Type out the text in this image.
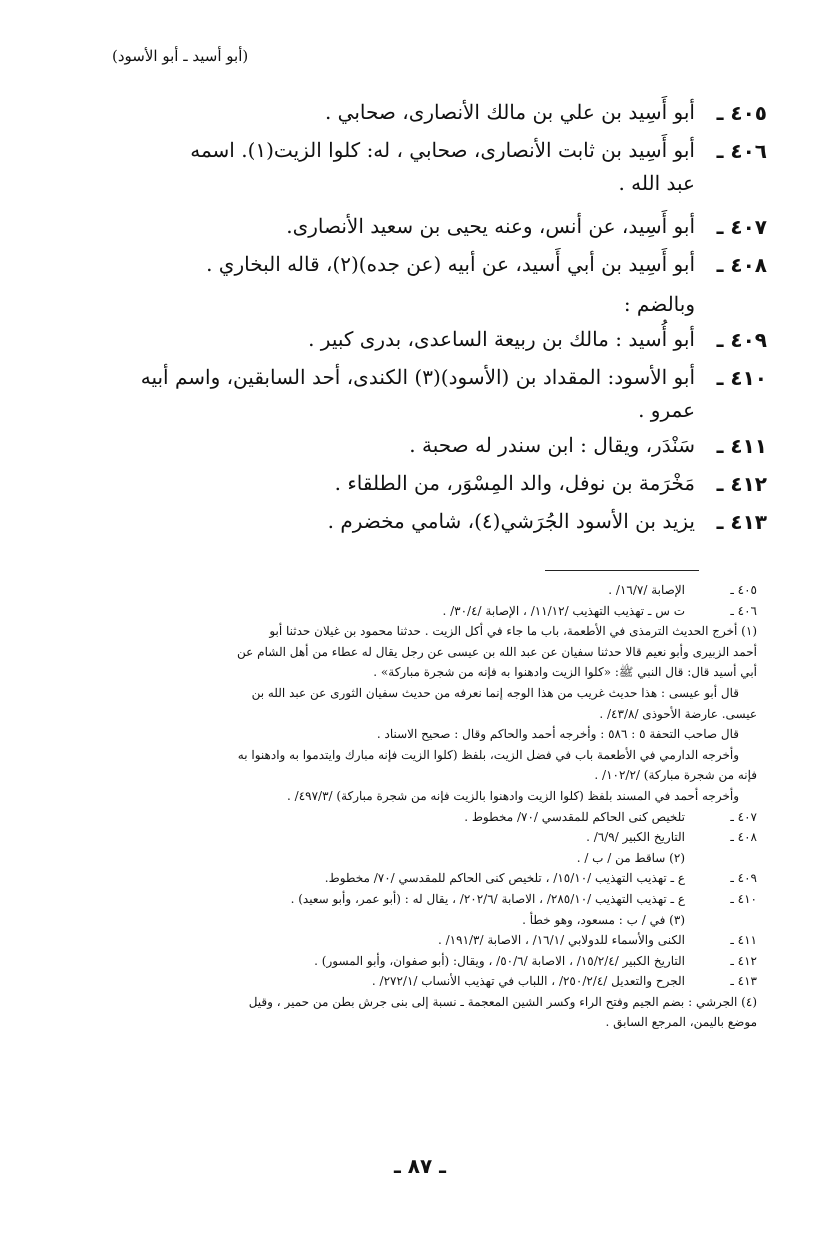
(أبو أسيد ـ أبو الأسود)
٤٠٥ ـ
أبو أَسِيد بن علي بن مالك الأنصارى، صحابي .
٤٠٦ ـ
أبو أَسِيد بن ثابت الأنصارى، صحابي ، له: كلوا الزيت(١). اسمه
عبد الله .
٤٠٧ ـ
أبو أَسِيد، عن أنس، وعنه يحيى بن سعيد الأنصارى.
٤٠٨ ـ
أبو أَسِيد بن أبي أَسيد، عن أبيه (عن جده)(٢)، قاله البخاري .
وبالضم :
٤٠٩ ـ
أبو أُسيد : مالك بن ربيعة الساعدى، بدرى كبير .
٤١٠ ـ
أبو الأسود: المقداد بن (الأسود)(٣) الكندى، أحد السابقين، واسم أبيه
عمرو .
٤١١ ـ
سَنْدَر، ويقال : ابن سندر له صحبة .
٤١٢ ـ
مَخْرَمة بن نوفل، والد المِسْوَر، من الطلقاء .
٤١٣ ـ
يزيد بن الأسود الجُرَشي(٤)، شامي مخضرم .
٤٠٥ ـ
الإصابة /١٦/٧/ .
٤٠٦ ـ
ت س ـ تهذيب التهذيب /١١/١٢/ ، الإصابة /٣٠/٤/ .
(١) أخرج الحديث الترمذى في الأطعمة، باب ما جاء في أكل الزيت . حدثنا محمود بن غيلان حدثنا أبو
أحمد الزبيرى وأبو نعيم قالا حدثنا سفيان عن عبد الله بن عيسى عن رجل يقال له عطاء من أهل الشام عن
أبي أسيد قال: قال النبي ﷺ: «كلوا الزيت وادهنوا به فإنه من شجرة مباركة» .
قال أبو عيسى : هذا حديث غريب من هذا الوجه إنما نعرفه من حديث سفيان الثورى عن عبد الله بن
عيسى. عارضة الأحوذى /٤٣/٨/ .
قال صاحب التحفة ٥ : ٥٨٦ : وأخرجه أحمد والحاكم وقال : صحيح الاسناد .
وأخرجه الدارمي في الأطعمة باب في فضل الزيت، بلفظ (كلوا الزيت فإنه مبارك وايتدموا به وادهنوا به
فإنه من شجرة مباركة) /١٠٢/٢/ .
وأخرجه أحمد في المسند بلفظ (كلوا الزيت وادهنوا بالزيت فإنه من شجرة مباركة) /٤٩٧/٣/ .
٤٠٧ ـ
تلخيص كنى الحاكم للمقدسي /٧٠/ مخطوط .
٤٠٨ ـ
التاريخ الكبير /٦/٩/ .
(٢) ساقط من / ب / .
٤٠٩ ـ
ع ـ تهذيب التهذيب /١٥/١٠/ ، تلخيص كنى الحاكم للمقدسي /٧٠/ مخطوط.
٤١٠ ـ
ع ـ تهذيب التهذيب /٢٨٥/١٠/ ، الاصابة /٢٠٢/٦/ ، يقال له : (أبو عمر، وأبو سعيد) .
(٣) في / ب : مسعود، وهو خطأ .
٤١١ ـ
الكنى والأسماء للدولابي /١٦/١/ ، الاصابة /١٩١/٣/ .
٤١٢ ـ
التاريخ الكبير /١٥/٢/٤/ ، الاصابة /٥٠/٦/ ، ويقال: (أبو صفوان، وأبو المسور) .
٤١٣ ـ
الجرح والتعديل /٢٥٠/٢/٤/ ، اللباب في تهذيب الأنساب /٢٧٢/١/ .
(٤) الجرشي : بضم الجيم وفتح الراء وكسر الشين المعجمة ـ نسبة إلى بنى جرش بطن من حمير ، وقيل
موضع باليمن، المرجع السابق .
ـ ٨٧ ـ
